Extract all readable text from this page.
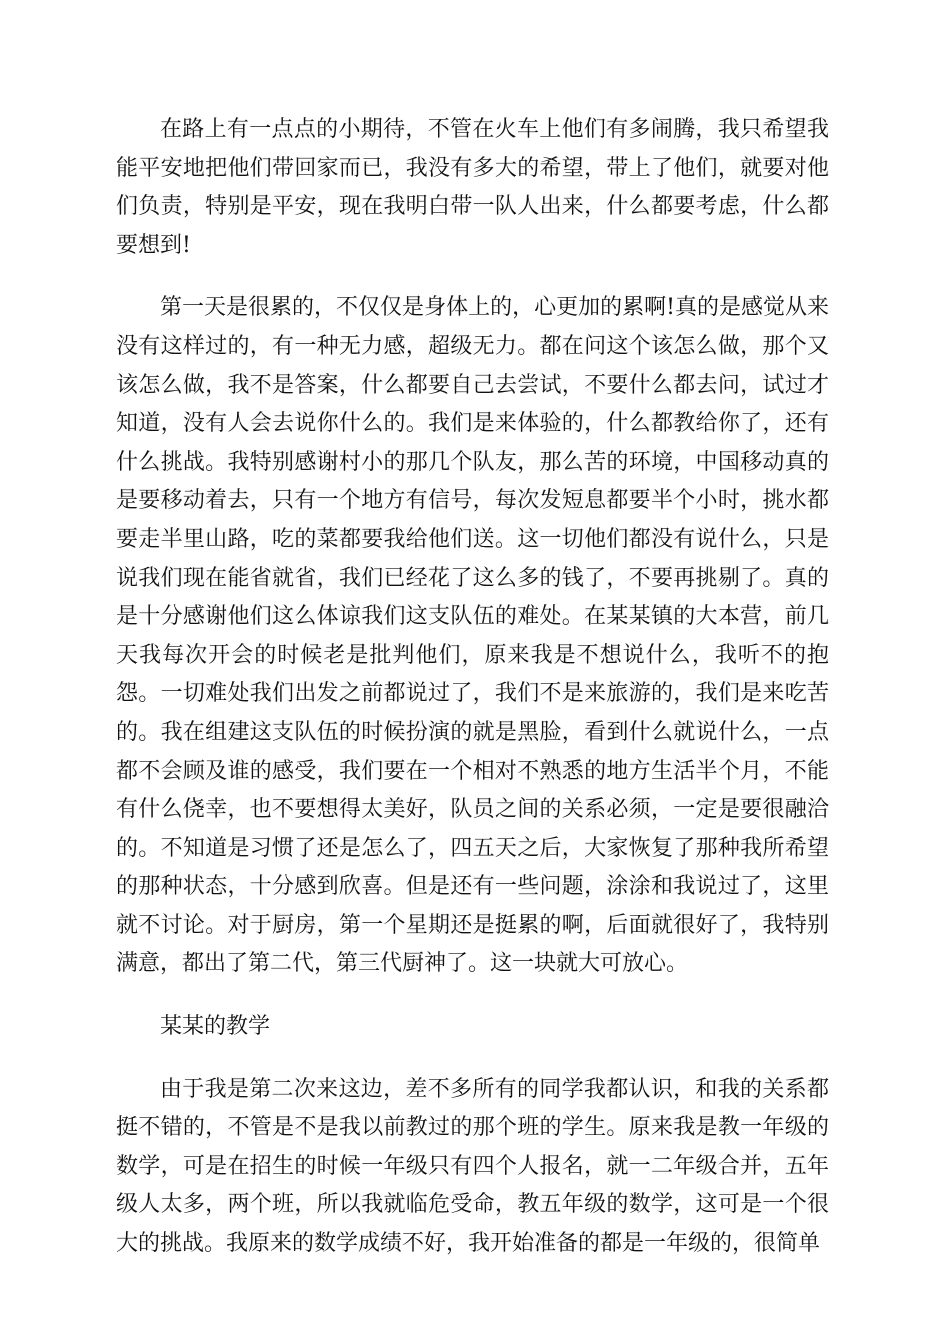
在路上有一点点的小期待，不管在火车上他们有多闹腾，我只希望我能平安地把他们带回家而已，我没有多大的希望，带上了他们，就要对他们负责，特别是平安，现在我明白带一队人出来，什么都要考虑，什么都要想到!

第一天是很累的，不仅仅是身体上的，心更加的累啊!真的是感觉从来没有这样过的，有一种无力感，超级无力。都在问这个该怎么做，那个又该怎么做，我不是答案，什么都要自己去尝试，不要什么都去问，试过才知道，没有人会去说你什么的。我们是来体验的，什么都教给你了，还有什么挑战。我特别感谢村小的那几个队友，那么苦的环境，中国移动真的是要移动着去，只有一个地方有信号，每次发短息都要半个小时，挑水都要走半里山路，吃的菜都要我给他们送。这一切他们都没有说什么，只是说我们现在能省就省，我们已经花了这么多的钱了，不要再挑剔了。真的是十分感谢他们这么体谅我们这支队伍的难处。在某某镇的大本营，前几天我每次开会的时候老是批判他们，原来我是不想说什么，我听不的抱怨。一切难处我们出发之前都说过了，我们不是来旅游的，我们是来吃苦的。我在组建这支队伍的时候扮演的就是黑脸，看到什么就说什么，一点都不会顾及谁的感受，我们要在一个相对不熟悉的地方生活半个月，不能有什么侥幸，也不要想得太美好，队员之间的关系必须，一定是要很融洽的。不知道是习惯了还是怎么了，四五天之后，大家恢复了那种我所希望的那种状态，十分感到欣喜。但是还有一些问题，涂涂和我说过了，这里就不讨论。对于厨房，第一个星期还是挺累的啊，后面就很好了，我特别满意，都出了第二代，第三代厨神了。这一块就大可放心。

某某的教学

由于我是第二次来这边，差不多所有的同学我都认识，和我的关系都挺不错的，不管是不是我以前教过的那个班的学生。原来我是教一年级的数学，可是在招生的时候一年级只有四个人报名，就一二年级合并，五年级人太多，两个班，所以我就临危受命，教五年级的数学，这可是一个很大的挑战。我原来的数学成绩不好，我开始准备的都是一年级的，很简单
